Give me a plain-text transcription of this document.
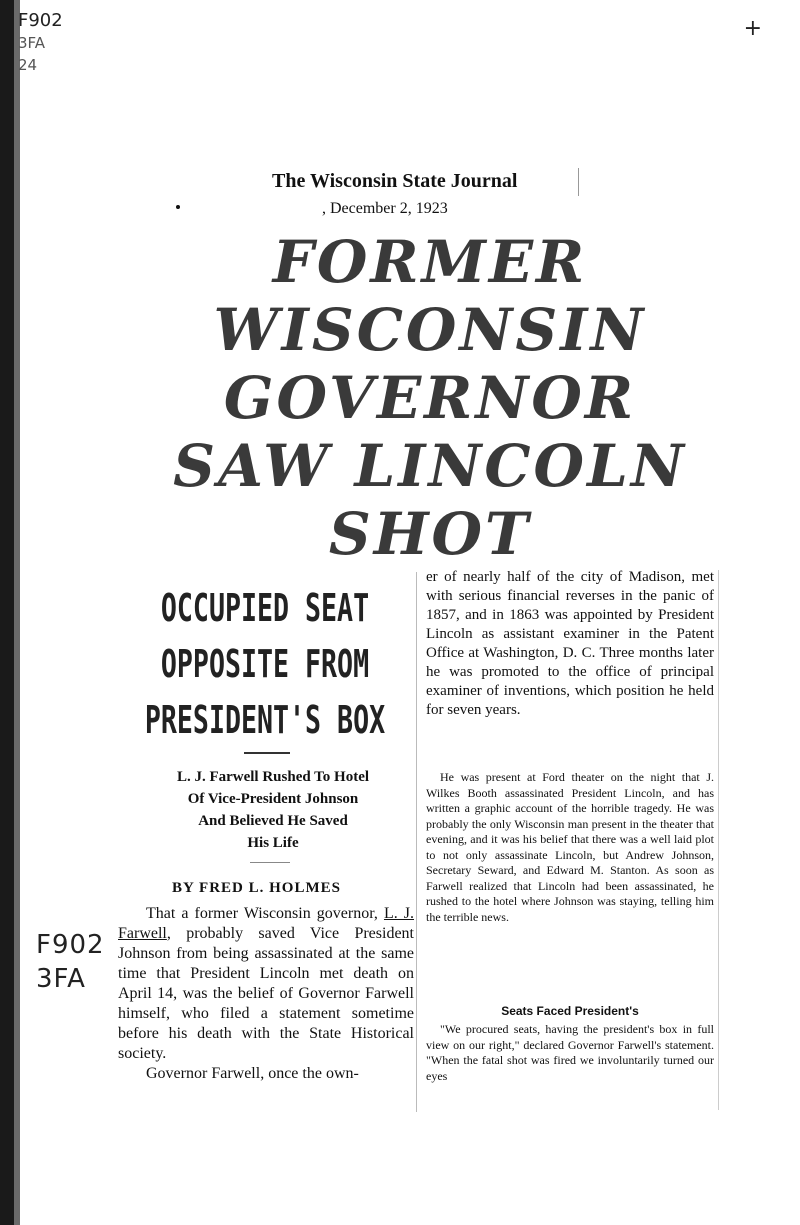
F902
3FA
24
+
F902
3FA
The Wisconsin State Journal
, December 2, 1923
FORMER
WISCONSIN
GOVERNOR
SAW LINCOLN
SHOT
OCCUPIED SEAT
OPPOSITE FROM
PRESIDENT'S BOX
L. J. Farwell Rushed To Hotel
Of Vice-President Johnson
And Believed He Saved
His Life
BY FRED L. HOLMES

That a former Wisconsin governor, L. J. Farwell, probably saved Vice President Johnson from being assassinated at the same time that President Lincoln met death on April 14, was the belief of Governor Farwell himself, who filed a statement sometime before his death with the State Historical society.

Governor Farwell, once the own-

er of nearly half of the city of Madison, met with serious financial reverses in the panic of 1857, and in 1863 was appointed by President Lincoln as assistant examiner in the Patent Office at Washington, D. C. Three months later he was promoted to the office of principal examiner of inventions, which position he held for seven years.

He was present at Ford theater on the night that J. Wilkes Booth assassinated President Lincoln, and has written a graphic account of the horrible tragedy. He was probably the only Wisconsin man present in the theater that evening, and it was his belief that there was a well laid plot to not only assassinate Lincoln, but Andrew Johnson, Secretary Seward, and Edward M. Stanton. As soon as Farwell realized that Lincoln had been assassinated, he rushed to the hotel where Johnson was staying, telling him the terrible news.

Seats Faced President's

"We procured seats, having the president's box in full view on our right," declared Governor Farwell's statement. "When the fatal shot was fired we involuntarily turned our eyes
